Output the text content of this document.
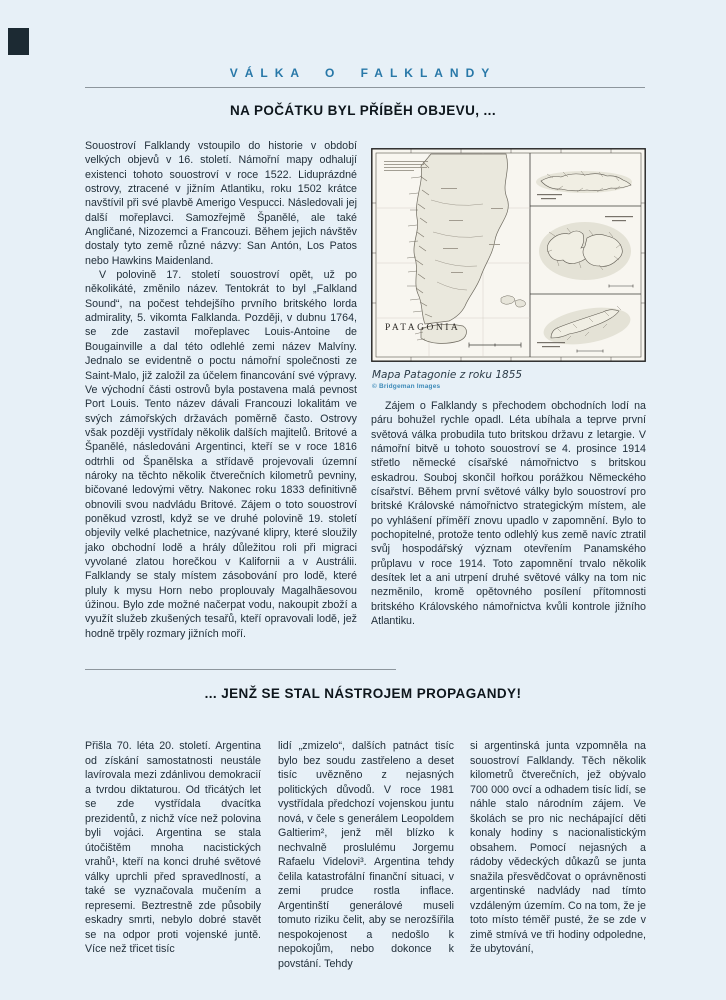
VÁLKA O FALKLANDY
NA POČÁTKU BYL PŘÍBĚH OBJEVU, ...

Souostroví Falklandy vstoupilo do historie v období velkých objevů v 16. století. Námořní mapy odhalují existenci tohoto souostroví v roce 1522. Liduprázdné ostrovy, ztracené v jižním Atlantiku, roku 1502 krátce navštívil při své plavbě Amerigo Vespucci. Následovali jej další mořeplavci. Samozřejmě Španělé, ale také Angličané, Nizozemci a Francouzi. Během jejich návštěv dostaly tyto země různé názvy: San Antón, Los Patos nebo Hawkins Maidenland.

V polovině 17. století souostroví opět, už po několikáté, změnilo název. Tentokrát to byl „Falkland Sound“, na počest tehdejšího prvního britského lorda admirality, 5. vikomta Falklanda. Později, v dubnu 1764, se zde zastavil mořeplavec Louis-Antoine de Bougainville a dal této odlehlé zemi název Malvíny. Jednalo se evidentně o poctu námořní společnosti ze Saint-Malo, již založil za účelem financování své výpravy. Ve východní části ostrovů byla postavena malá pevnost Port Louis. Tento název dávali Francouzi lokalitám ve svých zámořských državách poměrně často. Ostrovy však později vystřídaly několik dalších majitelů. Britové a Španělé, následováni Argentinci, kteří se v roce 1816 odtrhli od Španělska a střídavě projevovali územní nároky na těchto několik čtverečních kilometrů pevniny, bičované ledovými větry. Nakonec roku 1833 definitivně obnovili svou nadvládu Britové. Zájem o toto souostroví poněkud vzrostl, když se ve druhé polovině 19. století objevily velké plachetnice, nazývané klipry, které sloužily jako obchodní lodě a hrály důležitou roli při migraci vyvolané zlatou horečkou v Kalifornii a v Austrálii. Falklandy se staly místem zásobování pro lodě, které pluly k mysu Horn nebo proplouvaly Magalhãesovou úžinou. Bylo zde možné načerpat vodu, nakoupit zboží a využít služeb zkušených tesařů, kteří opravovali lodě, jež hodně trpěly rozmary jižních moří.

PATAGONIA
Mapa Patagonie z roku 1855
© Bridgeman Images

Zájem o Falklandy s přechodem obchodních lodí na páru bohužel rychle opadl. Léta ubíhala a teprve první světová válka probudila tuto britskou državu z letargie. V námořní bitvě u tohoto souostroví se 4. prosince 1914 střetlo německé císařské námořnictvo s britskou eskadrou. Souboj skončil hořkou porážkou Německého císařství. Během první světové války bylo souostroví pro britské Královské námořnictvo strategickým místem, ale po vyhlášení příměří znovu upadlo v zapomnění. Bylo to pochopitelné, protože tento odlehlý kus země navíc ztratil svůj hospodářský význam otevřením Panamského průplavu v roce 1914. Toto zapomnění trvalo několik desítek let a ani utrpení druhé světové války na tom nic nezměnilo, kromě opětovného posílení přítomnosti britského Královského námořnictva kvůli kontrole jižního Atlantiku.

... JENŽ SE STAL NÁSTROJEM PROPAGANDY!

Přišla 70. léta 20. století. Argentina od získání samostatnosti neustále lavírovala mezi zdánlivou demokracií a tvrdou diktaturou. Od třicátých let se zde vystřídala dvacítka prezidentů, z nichž více než polovina byli vojáci. Argentina se stala útočištěm mnoha nacistických vrahů¹, kteří na konci druhé světové války uprchli před spravedlností, a také se vyznačovala mučením a represemi. Beztrestně zde působily eskadry smrti, nebylo dobré stavět se na odpor proti vojenské juntě. Více než třicet tisíc

lidí „zmizelo“, dalších patnáct tisíc bylo bez soudu zastřeleno a deset tisíc uvězněno z nejasných politických důvodů. V roce 1981 vystřídala předchozí vojenskou juntu nová, v čele s generálem Leopoldem Galtierim², jenž měl blízko k nechvalně proslulému Jorgemu Rafaelu Videlovi³. Argentina tehdy čelila katastrofální finanční situaci, v zemi prudce rostla inflace. Argentinští generálové museli tomuto riziku čelit, aby se nerozšířila nespokojenost a nedošlo k nepokojům, nebo dokonce k povstání. Tehdy

si argentinská junta vzpomněla na souostroví Falklandy. Těch několik kilometrů čtverečních, jež obývalo 700 000 ovcí a odhadem tisíc lidí, se náhle stalo národním zájem. Ve školách se pro nic nechápající děti konaly hodiny s nacionalistickým obsahem. Pomocí nejasných a rádoby vědeckých důkazů se junta snažila přesvědčovat o oprávněnosti argentinské nadvlády nad tímto vzdáleným územím. Co na tom, že je toto místo téměř pusté, že se zde v zimě stmívá ve tři hodiny odpoledne, že ubytování,
